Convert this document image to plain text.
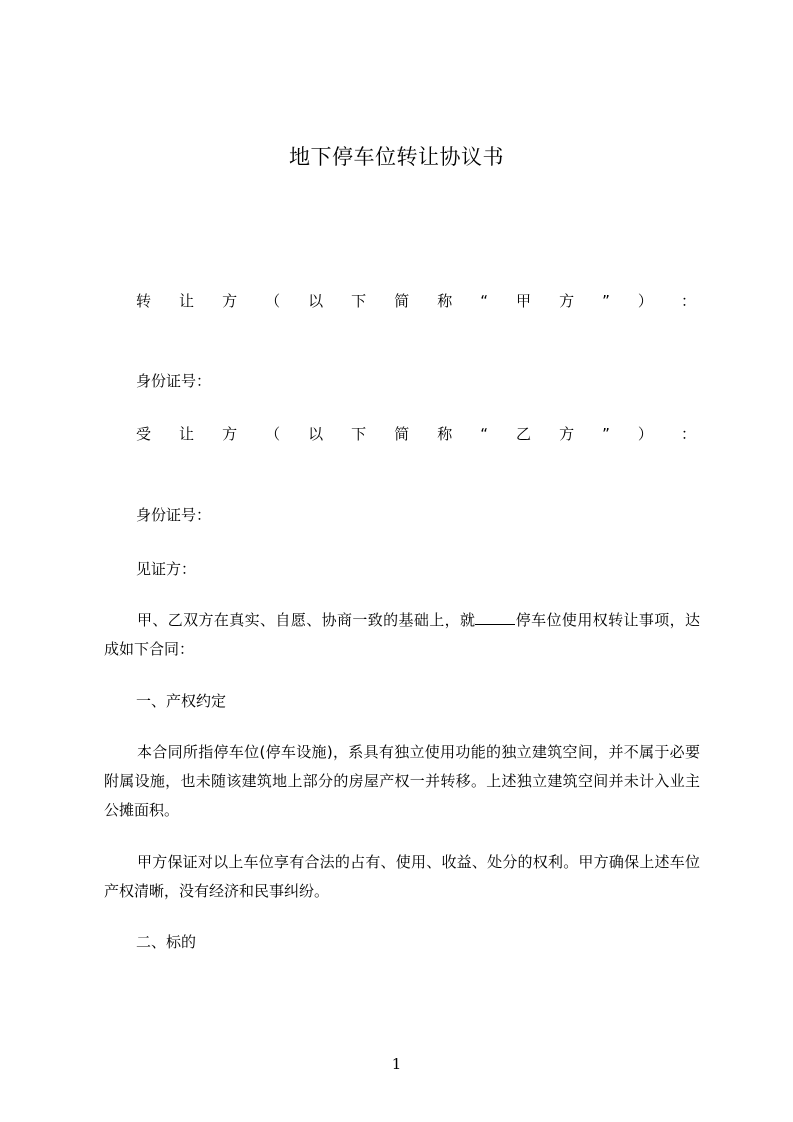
地下停车位转让协议书
转 让 方 （ 以 下 简 称 “ 甲 方 ” ） ：
身份证号：
受 让 方 （ 以 下 简 称 “ 乙 方 ” ） ：
身份证号：
见证方：
甲、乙双方在真实、自愿、协商一致的基础上，就	停车位使用权转让事项，达成如下合同：
一、产权约定
本合同所指停车位(停车设施)，系具有独立使用功能的独立建筑空间，并不属于必要附属设施，也未随该建筑地上部分的房屋产权一并转移。上述独立建筑空间并未计入业主公摊面积。
甲方保证对以上车位享有合法的占有、使用、收益、处分的权利。甲方确保上述车位产权清晰，没有经济和民事纠纷。
二、标的
1
